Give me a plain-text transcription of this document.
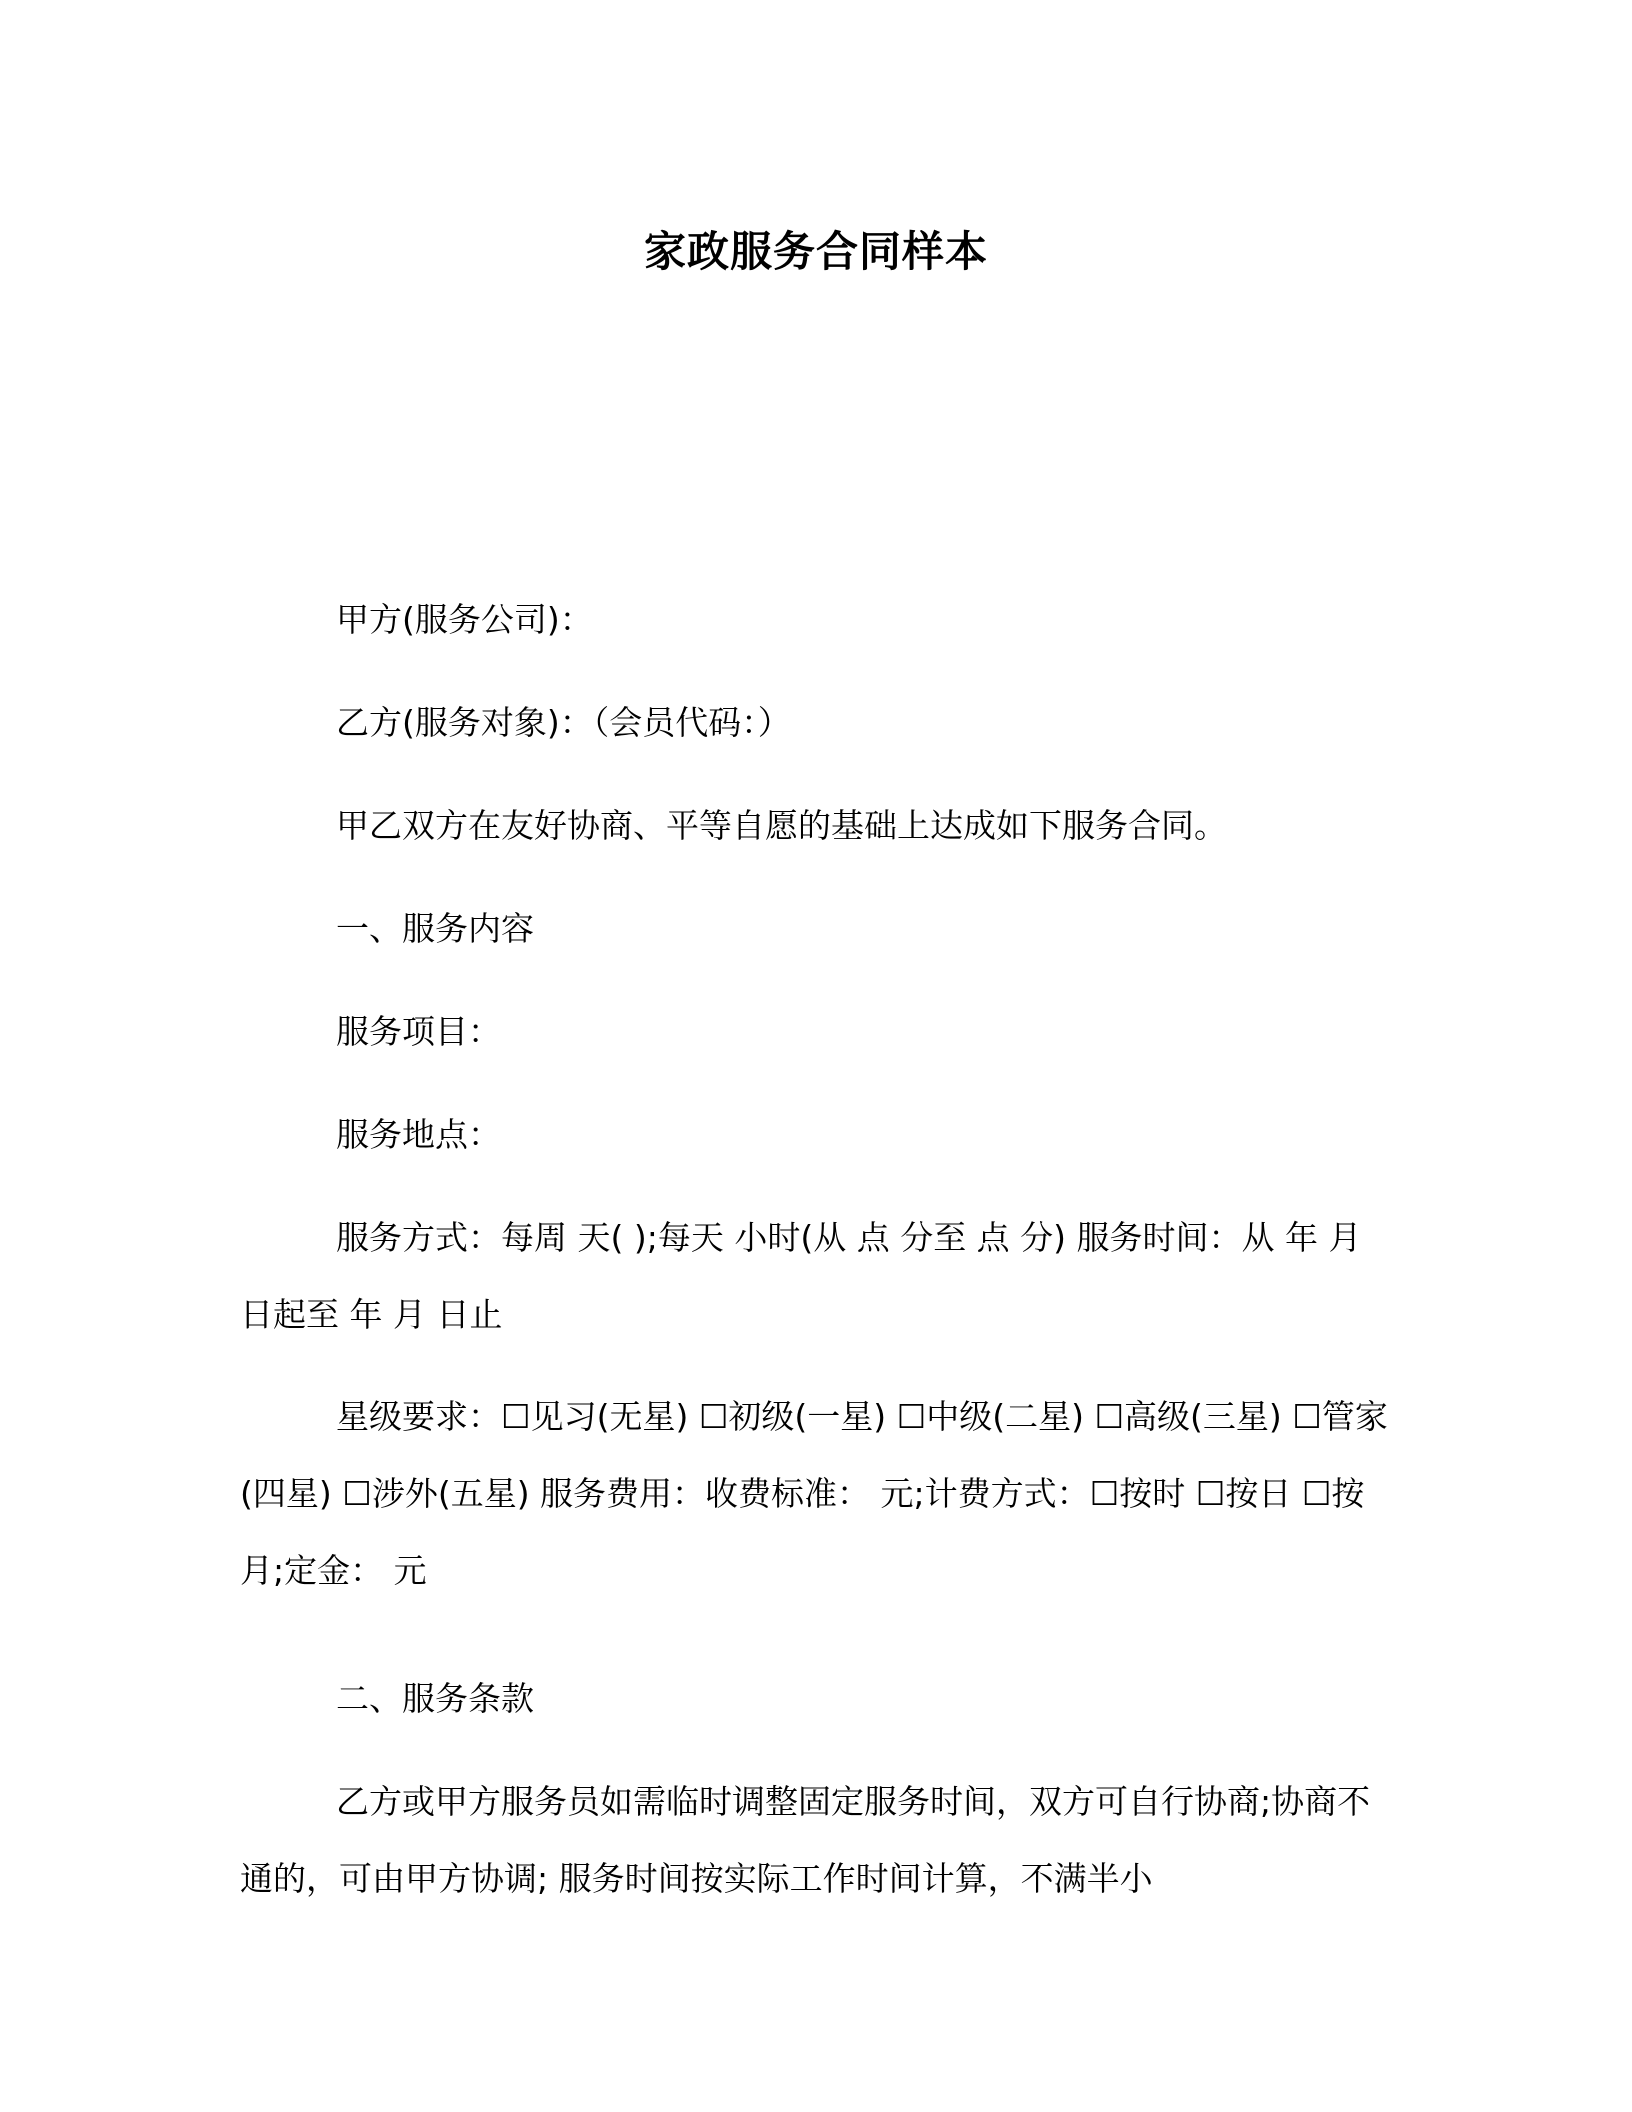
家政服务合同样本
甲方(服务公司)：
乙方(服务对象)：（会员代码：）
甲乙双方在友好协商、平等自愿的基础上达成如下服务合同。
一、服务内容
服务项目：
服务地点：
服务方式：每周 天( );每天 小时(从 点 分至 点 分) 服务时间：从 年 月 日起至 年 月 日止
星级要求：☐见习(无星) ☐初级(一星) ☐中级(二星) ☐高级(三星) ☐管家(四星) ☐涉外(五星) 服务费用：收费标准： 元;计费方式：☐按时 ☐按日 ☐按月;定金： 元
二、服务条款
乙方或甲方服务员如需临时调整固定服务时间，双方可自行协商;协商不通的，可由甲方协调; 服务时间按实际工作时间计算，不满半小
